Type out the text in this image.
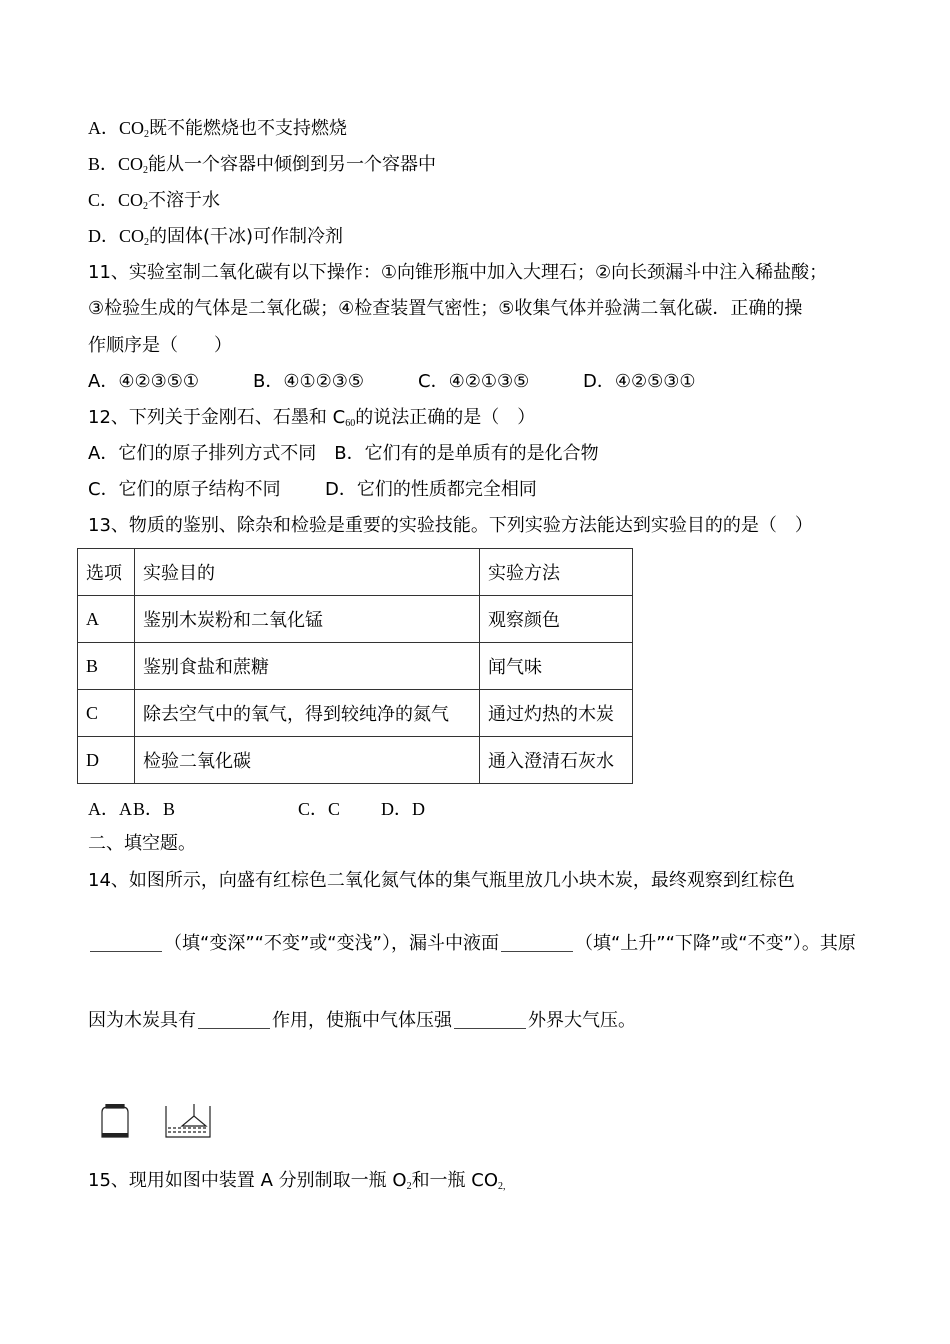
A．$CO_2$既不能燃烧也不支持燃烧
B．$CO_2$能从一个容器中倾倒到另一个容器中
C．$CO_2$不溶于水
D．$CO_2$的固体(干冰)可作制冷剂
11、实验室制二氧化碳有以下操作：①向锥形瓶中加入大理石；②向长颈漏斗中注入稀盐酸；
③检验生成的气体是二氧化碳；④检查装置气密性；⑤收集气体并验满二氧化碳．正确的操
作顺序是（　　）
A．④②③⑤①	B．④①②③⑤	C．④②①③⑤	D．④②⑤③①
12、下列关于金刚石、石墨和 $C_{60}$的说法正确的是（　）
A．它们的原子排列方式不同　B．它们有的是单质有的是化合物
C．它们的原子结构不同 D．它们的性质都完全相同
13、物质的鉴别、除杂和检验是重要的实验技能。下列实验方法能达到实验目的的是（　）
选项	实验目的	实验方法
A	鉴别木炭粉和二氧化锰	观察颜色
B	鉴别食盐和蔗糖	闻气味
C	除去空气中的氧气，得到较纯净的氮气	通过灼热的木炭
D	检验二氧化碳	通入澄清石灰水
A．AB．B	C．C D．D
二、填空题。
14、如图所示，向盛有红棕色二氧化氮气体的集气瓶里放几小块木炭，最终观察到红棕色
（填“变深”“不变”或“变浅”），漏斗中液面	（填“上升”“下降”或“不变”）。其原
因为木炭具有	作用，使瓶中气体压强	外界大气压。
15、现用如图中装置 A 分别制取一瓶 $O_2$和一瓶 $CO_{2,}$
